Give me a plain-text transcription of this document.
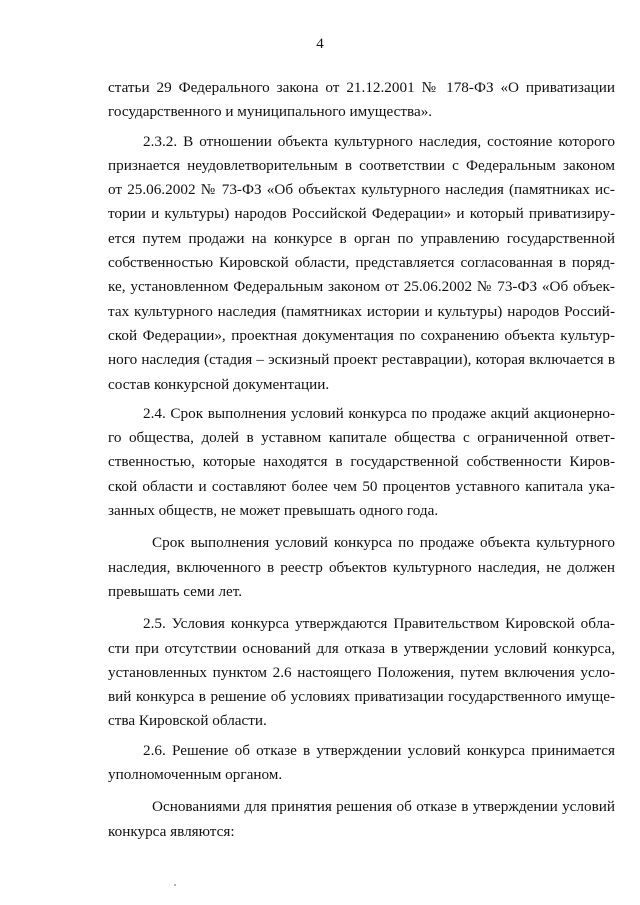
4
статьи 29 Федерального закона от 21.12.2001 № 178-ФЗ «О приватизации
государственного и муниципального имущества».
2.3.2. В отношении объекта культурного наследия, состояние которого
признается неудовлетворительным в соответствии с Федеральным законом
от 25.06.2002 № 73-ФЗ «Об объектах культурного наследия (памятниках ис-
тории и культуры) народов Российской Федерации» и который приватизиру-
ется путем продажи на конкурсе в орган по управлению государственной
собственностью Кировской области, представляется согласованная в поряд-
ке, установленном Федеральным законом от 25.06.2002 № 73-ФЗ «Об объек-
тах культурного наследия (памятниках истории и культуры) народов Россий-
ской Федерации», проектная документация по сохранению объекта культур-
ного наследия (стадия – эскизный проект реставрации), которая включается в
состав конкурсной документации.
2.4. Срок выполнения условий конкурса по продаже акций акционерно-
го общества, долей в уставном капитале общества с ограниченной ответ-
ственностью, которые находятся в государственной собственности Киров-
ской области и составляют более чем 50 процентов уставного капитала ука-
занных обществ, не может превышать одного года.
Срок выполнения условий конкурса по продаже объекта культурного
наследия, включенного в реестр объектов культурного наследия, не должен
превышать семи лет.
2.5. Условия конкурса утверждаются Правительством Кировской обла-
сти при отсутствии оснований для отказа в утверждении условий конкурса,
установленных пунктом 2.6 настоящего Положения, путем включения усло-
вий конкурса в решение об условиях приватизации государственного имуще-
ства Кировской области.
2.6. Решение об отказе в утверждении условий конкурса принимается
уполномоченным органом.
Основаниями для принятия решения об отказе в утверждении условий
конкурса являются:
